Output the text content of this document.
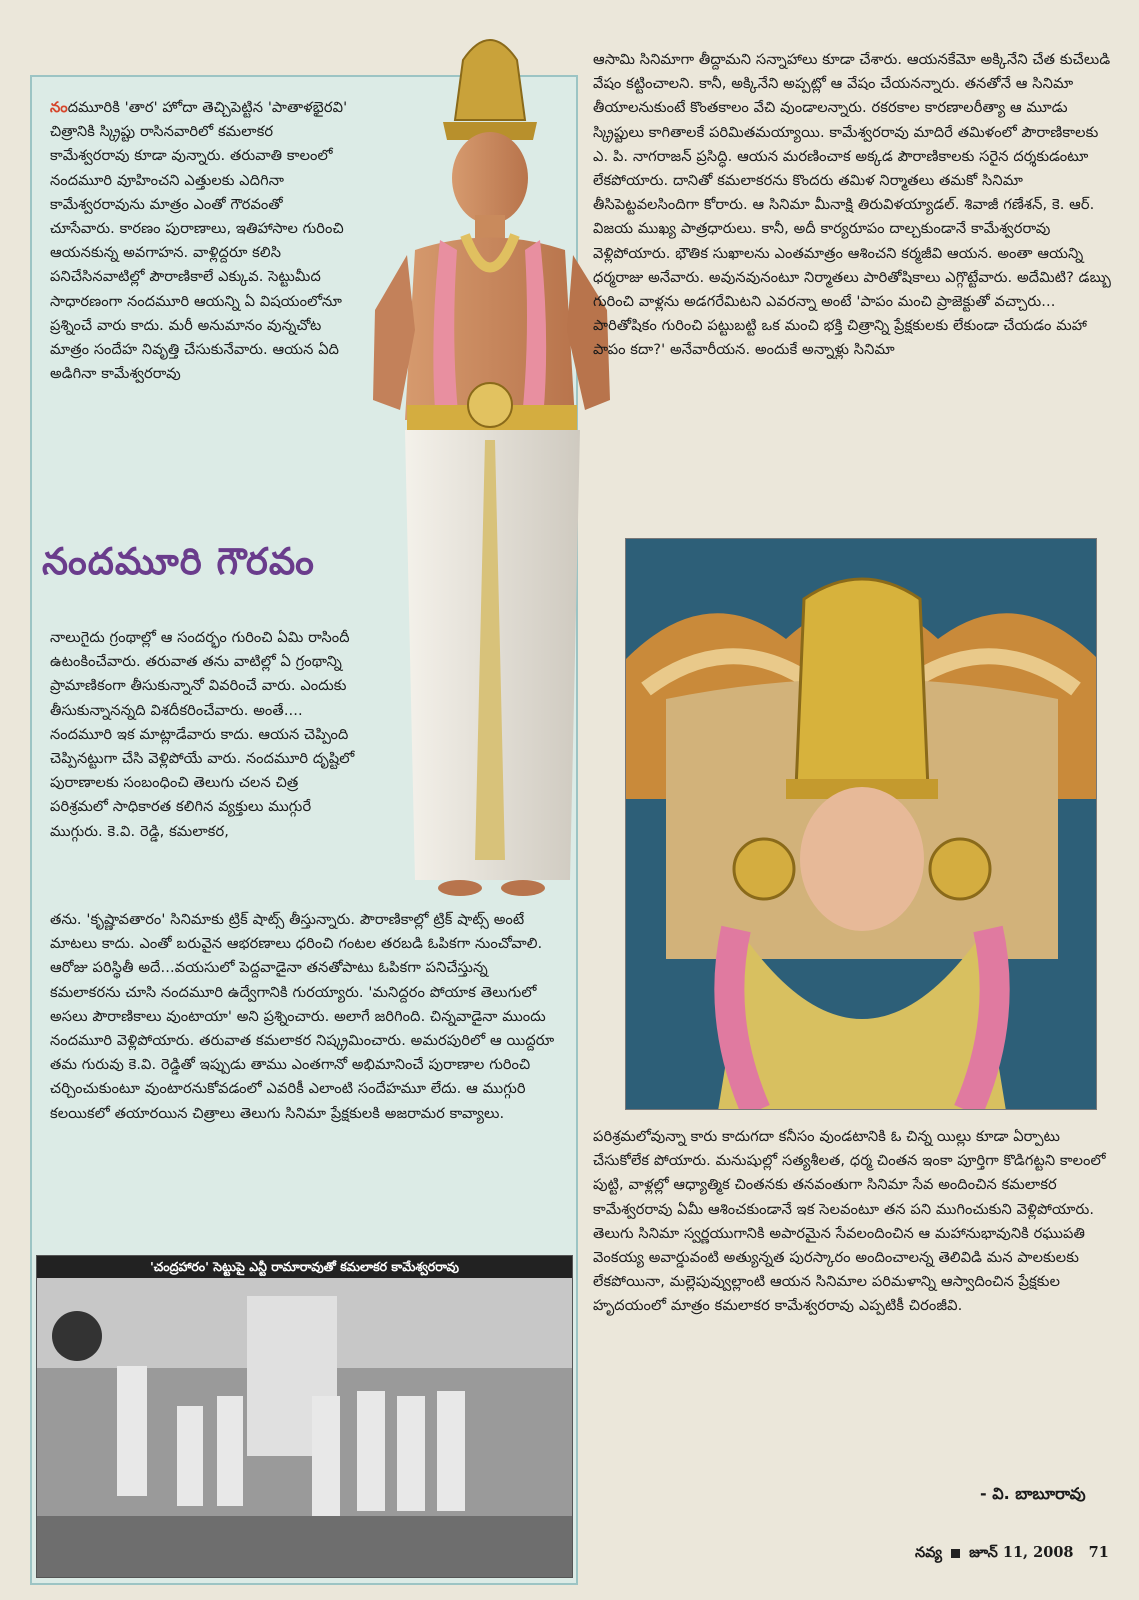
నందమూరికి 'తార' హోదా తెచ్చిపెట్టిన 'పాతాళభైరవి' చిత్రానికి స్క్రిప్టు రాసినవారిలో కమలాకర కామేశ్వరరావు కూడా వున్నారు. తరువాతి కాలంలో నందమూరి వూహించని ఎత్తులకు ఎదిగినా కామేశ్వరరావును మాత్రం ఎంతో గౌరవంతో చూసేవారు. కారణం పురాణాలు, ఇతిహాసాల గురించి ఆయనకున్న అవగాహన. వాళ్లిద్దరూ కలిసి పనిచేసినవాటిల్లో పౌరాణికాలే ఎక్కువ. సెట్టుమీద సాధారణంగా నందమూరి ఆయన్ని ఏ విషయంలోనూ ప్రశ్నించే వారు కాదు. మరీ అనుమానం వున్నచోట మాత్రం సందేహ నివృత్తి చేసుకునేవారు. ఆయన ఏది అడిగినా కామేశ్వరరావు

నందమూరి గౌరవం

నాలుగైదు గ్రంథాల్లో ఆ సందర్భం గురించి ఏమి రాసిందీ ఉటంకించేవారు. తరువాత తను వాటిల్లో ఏ గ్రంథాన్ని ప్రామాణికంగా తీసుకున్నానో వివరించే వారు. ఎందుకు తీసుకున్నానన్నది విశదీకరించేవారు. అంతే.... నందమూరి ఇక మాట్లాడేవారు కాదు. ఆయన చెప్పింది చెప్పినట్టుగా చేసి వెళ్లిపోయే వారు. నందమూరి దృష్టిలో పురాణాలకు సంబంధించి తెలుగు చలన చిత్ర పరిశ్రమలో సాధికారత కలిగిన వ్యక్తులు ముగ్గురే ముగ్గురు. కె.వి. రెడ్డి, కమలాకర,

తను. 'కృష్ణావతారం' సినిమాకు ట్రిక్ షాట్స్ తీస్తున్నారు. పౌరాణికాల్లో ట్రిక్ షాట్స్ అంటే మాటలు కాదు. ఎంతో బరువైన ఆభరణాలు ధరించి గంటల తరబడి ఓపికగా నుంచోవాలి. ఆరోజు పరిస్థితీ అదే...వయసులో పెద్దవాడైనా తనతోపాటు ఓపికగా పనిచేస్తున్న కమలాకరను చూసి నందమూరి ఉద్వేగానికి గురయ్యారు. 'మనిద్దరం పోయాక తెలుగులో అసలు పౌరాణికాలు వుంటాయా' అని ప్రశ్నించారు. అలాగే జరిగింది. చిన్నవాడైనా ముందు నందమూరి వెళ్లిపోయారు. తరువాత కమలాకర నిష్క్రమించారు. అమరపురిలో ఆ యిద్దరూ తమ గురువు కె.వి. రెడ్డితో ఇప్పుడు తాము ఎంతగానో అభిమానించే పురాణాల గురించి చర్చించుకుంటూ వుంటారనుకోవడంలో ఎవరికీ ఎలాంటి సందేహమూ లేదు. ఆ ముగ్గురి కలయికలో తయారయిన చిత్రాలు తెలుగు సినిమా ప్రేక్షకులకి అజరామర కావ్యాలు.

ఆసామి సినిమాగా తీద్దామని సన్నాహాలు కూడా చేశారు. ఆయనకేమో అక్కినేని చేత కుచేలుడి వేషం కట్టించాలని. కానీ, అక్కినేని అప్పట్లో ఆ వేషం చేయనన్నారు. తనతోనే ఆ సినిమా తీయాలనుకుంటే కొంతకాలం వేచి వుండాలన్నారు. రకరకాల కారణాలరీత్యా ఆ మూడు స్క్రిప్టులు కాగితాలకే పరిమితమయ్యాయి. కామేశ్వరరావు మాదిరే తమిళంలో పౌరాణికాలకు ఎ. పి. నాగరాజన్ ప్రసిద్ధి. ఆయన మరణించాక అక్కడ పౌరాణికాలకు సరైన దర్శకుడంటూ లేకపోయారు. దానితో కమలాకరను కొందరు తమిళ నిర్మాతలు తమకో సినిమా తీసిపెట్టవలసిందిగా కోరారు. ఆ సినిమా మీనాక్షి తిరువిళయ్యాడల్. శివాజీ గణేశన్, కె. ఆర్. విజయ ముఖ్య పాత్రధారులు. కానీ, అదీ కార్యరూపం దాల్చకుండానే కామేశ్వరరావు వెళ్లిపోయారు. భౌతిక సుఖాలను ఎంతమాత్రం ఆశించని కర్మజీవి ఆయన. అంతా ఆయన్ని ధర్మరాజు అనేవారు. అవునవునంటూ నిర్మాతలు పారితోషికాలు ఎగ్గొట్టేవారు. అదేమిటి? డబ్బు గురించి వాళ్లను అడగరేమిటని ఎవరన్నా అంటే 'పాపం మంచి ప్రాజెక్టుతో వచ్చారు... పారితోషికం గురించి పట్టుబట్టి ఒక మంచి భక్తి చిత్రాన్ని ప్రేక్షకులకు లేకుండా చేయడం మహా పాపం కదా?' అనేవారీయన. అందుకే అన్నాళ్లు సినిమా

పరిశ్రమలోవున్నా కారు కాదుగదా కనీసం వుండటానికి ఓ చిన్న యిల్లు కూడా ఏర్పాటు చేసుకోలేక పోయారు. మనుషుల్లో సత్యశీలత, ధర్మ చింతన ఇంకా పూర్తిగా కొడిగట్టని కాలంలో పుట్టి, వాళ్లల్లో ఆధ్యాత్మిక చింతనకు తనవంతుగా సినిమా సేవ అందించిన కమలాకర కామేశ్వరరావు ఏమీ ఆశించకుండానే ఇక సెలవంటూ తన పని ముగించుకుని వెళ్లిపోయారు. తెలుగు సినిమా స్వర్ణయుగానికి అపారమైన సేవలందించిన ఆ మహానుభావునికి రఘుపతి వెంకయ్య అవార్డువంటి అత్యున్నత పురస్కారం అందించాలన్న తెలివిడి మన పాలకులకు లేకపోయినా, మల్లెపువ్వుల్లాంటి ఆయన సినిమాల పరిమళాన్ని ఆస్వాదించిన ప్రేక్షకుల హృదయంలో మాత్రం కమలాకర కామేశ్వరరావు ఎప్పటికీ చిరంజీవి.

'చంద్రహారం' సెట్టుపై ఎన్టీ రామారావుతో కమలాకర కామేశ్వరరావు
- వి. బాబూరావు
నవ్య జూన్ 11, 2008 71
